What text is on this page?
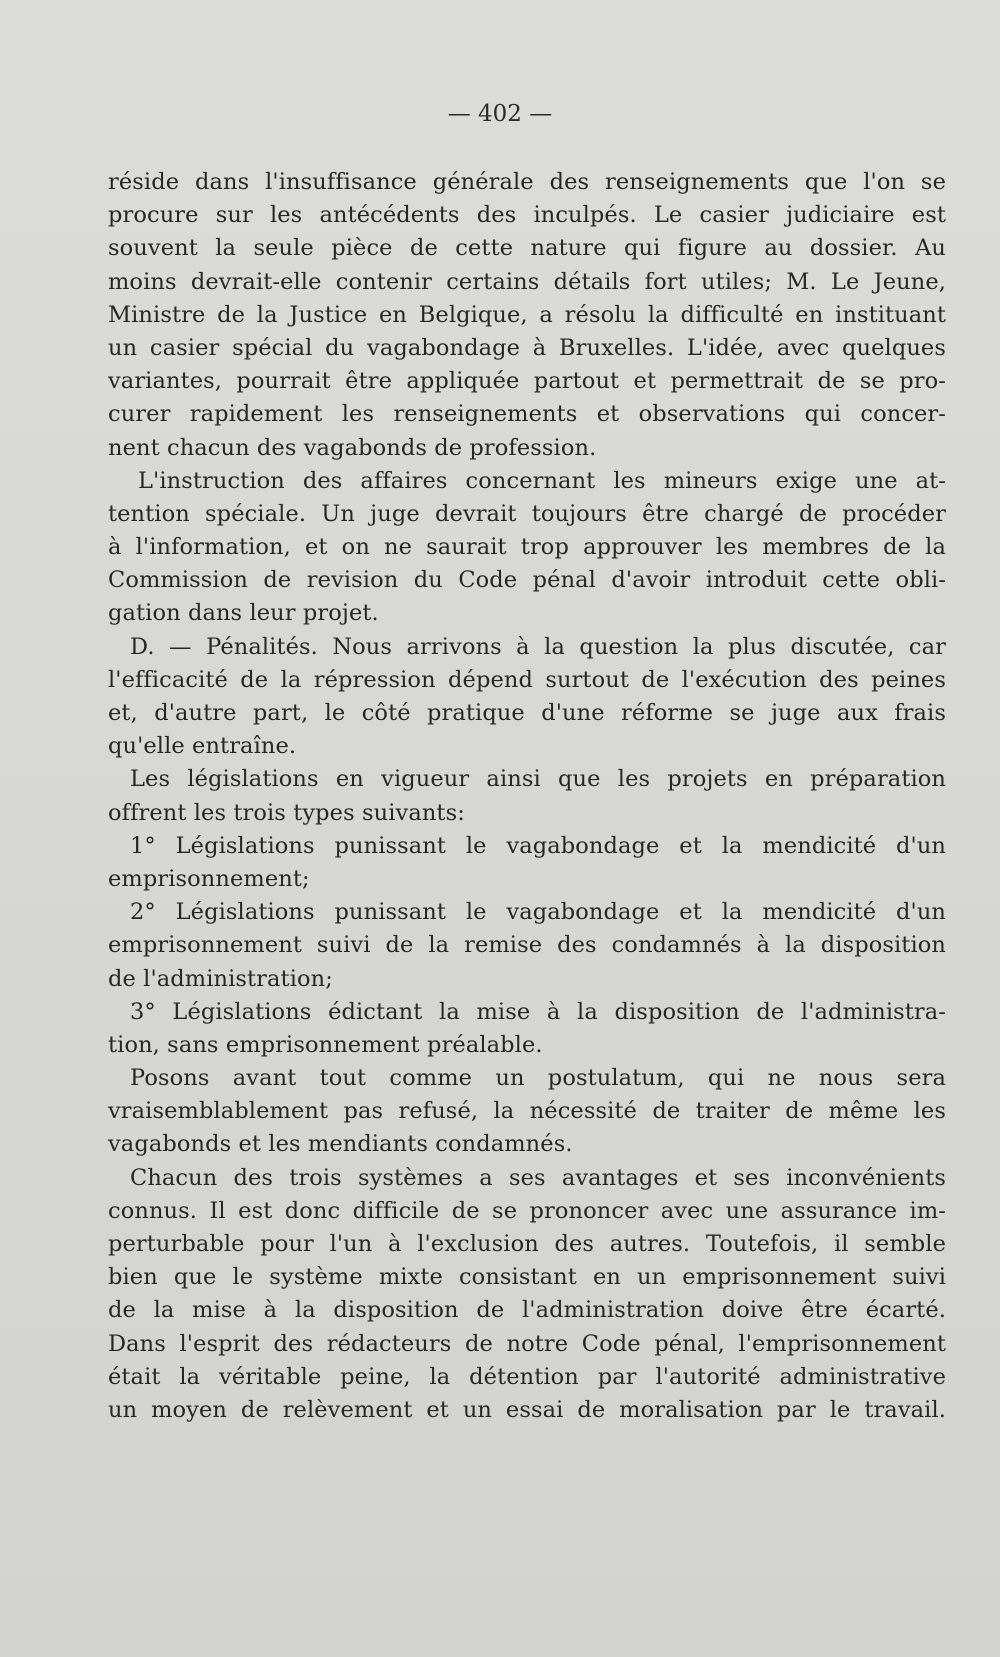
— 402 —
réside dans l'insuffisance générale des renseignements que l'on se
procure sur les antécédents des inculpés. Le casier judiciaire est
souvent la seule pièce de cette nature qui figure au dossier. Au
moins devrait-elle contenir certains détails fort utiles; M. Le Jeune,
Ministre de la Justice en Belgique, a résolu la difficulté en instituant
un casier spécial du vagabondage à Bruxelles. L'idée, avec quelques
variantes, pourrait être appliquée partout et permettrait de se pro-
curer rapidement les renseignements et observations qui concer-
nent chacun des vagabonds de profession.
L'instruction des affaires concernant les mineurs exige une at-
tention spéciale. Un juge devrait toujours être chargé de procéder
à l'information, et on ne saurait trop approuver les membres de la
Commission de revision du Code pénal d'avoir introduit cette obli-
gation dans leur projet.
D. — Pénalités. Nous arrivons à la question la plus discutée, car
l'efficacité de la répression dépend surtout de l'exécution des peines
et, d'autre part, le côté pratique d'une réforme se juge aux frais
qu'elle entraîne.
Les législations en vigueur ainsi que les projets en préparation
offrent les trois types suivants:
1° Législations punissant le vagabondage et la mendicité d'un
emprisonnement;
2° Législations punissant le vagabondage et la mendicité d'un
emprisonnement suivi de la remise des condamnés à la disposition
de l'administration;
3° Législations édictant la mise à la disposition de l'administra-
tion, sans emprisonnement préalable.
Posons avant tout comme un postulatum, qui ne nous sera
vraisemblablement pas refusé, la nécessité de traiter de même les
vagabonds et les mendiants condamnés.
Chacun des trois systèmes a ses avantages et ses inconvénients
connus. Il est donc difficile de se prononcer avec une assurance im-
perturbable pour l'un à l'exclusion des autres. Toutefois, il semble
bien que le système mixte consistant en un emprisonnement suivi
de la mise à la disposition de l'administration doive être écarté.
Dans l'esprit des rédacteurs de notre Code pénal, l'emprisonnement
était la véritable peine, la détention par l'autorité administrative
un moyen de relèvement et un essai de moralisation par le travail.
